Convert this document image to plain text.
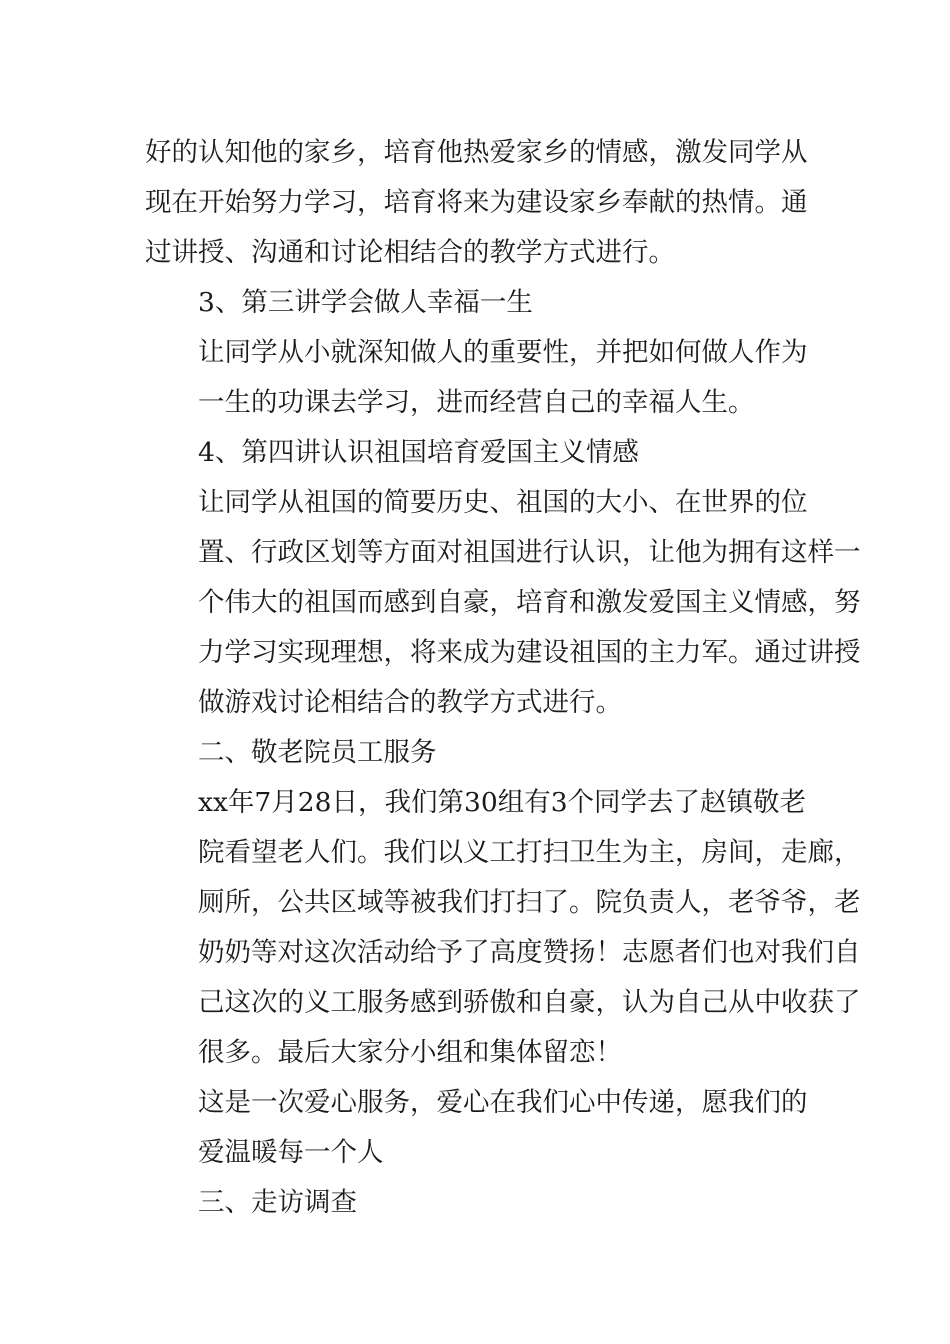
好的认知他的家乡，培育他热爱家乡的情感，激发同学从
现在开始努力学习，培育将来为建设家乡奉献的热情。通
过讲授、沟通和讨论相结合的教学方式进行。
3、第三讲学会做人幸福一生
让同学从小就深知做人的重要性，并把如何做人作为
一生的功课去学习，进而经营自己的幸福人生。
4、第四讲认识祖国培育爱国主义情感
让同学从祖国的简要历史、祖国的大小、在世界的位
置、行政区划等方面对祖国进行认识，让他为拥有这样一
个伟大的祖国而感到自豪，培育和激发爱国主义情感，努
力学习实现理想，将来成为建设祖国的主力军。通过讲授
做游戏讨论相结合的教学方式进行。
二、敬老院员工服务
xx年7月28日，我们第30组有3个同学去了赵镇敬老
院看望老人们。我们以义工打扫卫生为主，房间，走廊，
厕所，公共区域等被我们打扫了。院负责人，老爷爷，老
奶奶等对这次活动给予了高度赞扬！志愿者们也对我们自
己这次的义工服务感到骄傲和自豪，认为自己从中收获了
很多。最后大家分小组和集体留恋！
这是一次爱心服务，爱心在我们心中传递，愿我们的
爱温暖每一个人
三、走访调查
